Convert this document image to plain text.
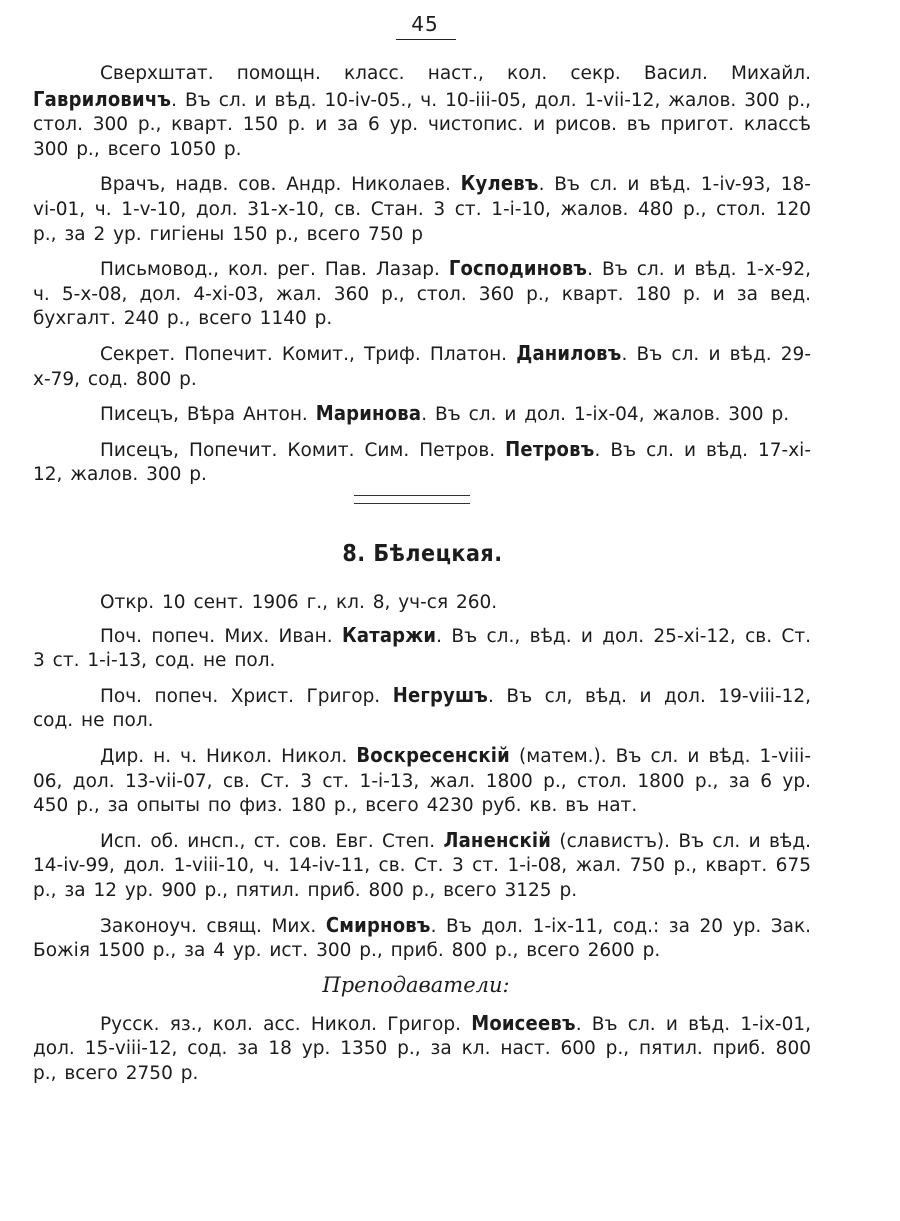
45

Сверхштат. помощн. класс. наст., кол. секр. Васил. Михайл. Гавриловичъ. Въ сл. и вѣд. 10-iv-05., ч. 10-iii-05, дол. 1-vii-12, жалов. 300 р., стол. 300 р., кварт. 150 р. и за 6 ур. чистопис. и рисов. въ пригот. классѣ 300 р., всего 1050 р.

Врачъ, надв. сов. Андр. Николаев. Кулевъ. Въ сл. и вѣд. 1-iv-93, 18-vi-01, ч. 1-v-10, дол. 31-x-10, св. Стан. 3 ст. 1-i-10, жалов. 480 р., стол. 120 р., за 2 ур. гигiены 150 р., всего 750 р

Письмовод., кол. рег. Пав. Лазар. Господиновъ. Въ сл. и вѣд. 1-x-92, ч. 5-x-08, дол. 4-xi-03, жал. 360 р., стол. 360 р., кварт. 180 р. и за вед. бухгалт. 240 р., всего 1140 р.

Секрет. Попечит. Комит., Триф. Платон. Даниловъ. Въ сл. и вѣд. 29-x-79, сод. 800 р.

Писецъ, Вѣра Антон. Маринова. Въ сл. и дол. 1-ix-04, жалов. 300 р.

Писецъ, Попечит. Комит. Сим. Петров. Петровъ. Въ сл. и вѣд. 17-xi-12, жалов. 300 р.

8. Бѣлецкая.

Откр. 10 сент. 1906 г., кл. 8, уч-ся 260.

Поч. попеч. Мих. Иван. Катаржи. Въ сл., вѣд. и дол. 25-xi-12, св. Ст. 3 ст. 1-i-13, сод. не пол.

Поч. попеч. Христ. Григор. Негрушъ. Въ сл, вѣд. и дол. 19-viii-12, сод. не пол.

Дир. н. ч. Никол. Никол. Воскресенскiй (матем.). Въ сл. и вѣд. 1-viii-06, дол. 13-vii-07, св. Ст. 3 ст. 1-i-13, жал. 1800 р., стол. 1800 р., за 6 ур. 450 р., за опыты по физ. 180 р., всего 4230 руб. кв. въ нат.

Исп. об. инсп., ст. сов. Евг. Степ. Ланенскiй (славистъ). Въ сл. и вѣд. 14-iv-99, дол. 1-viii-10, ч. 14-iv-11, св. Ст. 3 ст. 1-i-08, жал. 750 р., кварт. 675 р., за 12 ур. 900 р., пятил. приб. 800 р., всего 3125 р.

Законоуч. свящ. Мих. Смирновъ. Въ дол. 1-ix-11, сод.: за 20 ур. Зак. Божiя 1500 р., за 4 ур. ист. 300 р., приб. 800 р., всего 2600 р.

Преподаватели:

Русск. яз., кол. асс. Никол. Григор. Моисеевъ. Въ сл. и вѣд. 1-ix-01, дол. 15-viii-12, сод. за 18 ур. 1350 р., за кл. наст. 600 р., пятил. приб. 800 р., всего 2750 р.
